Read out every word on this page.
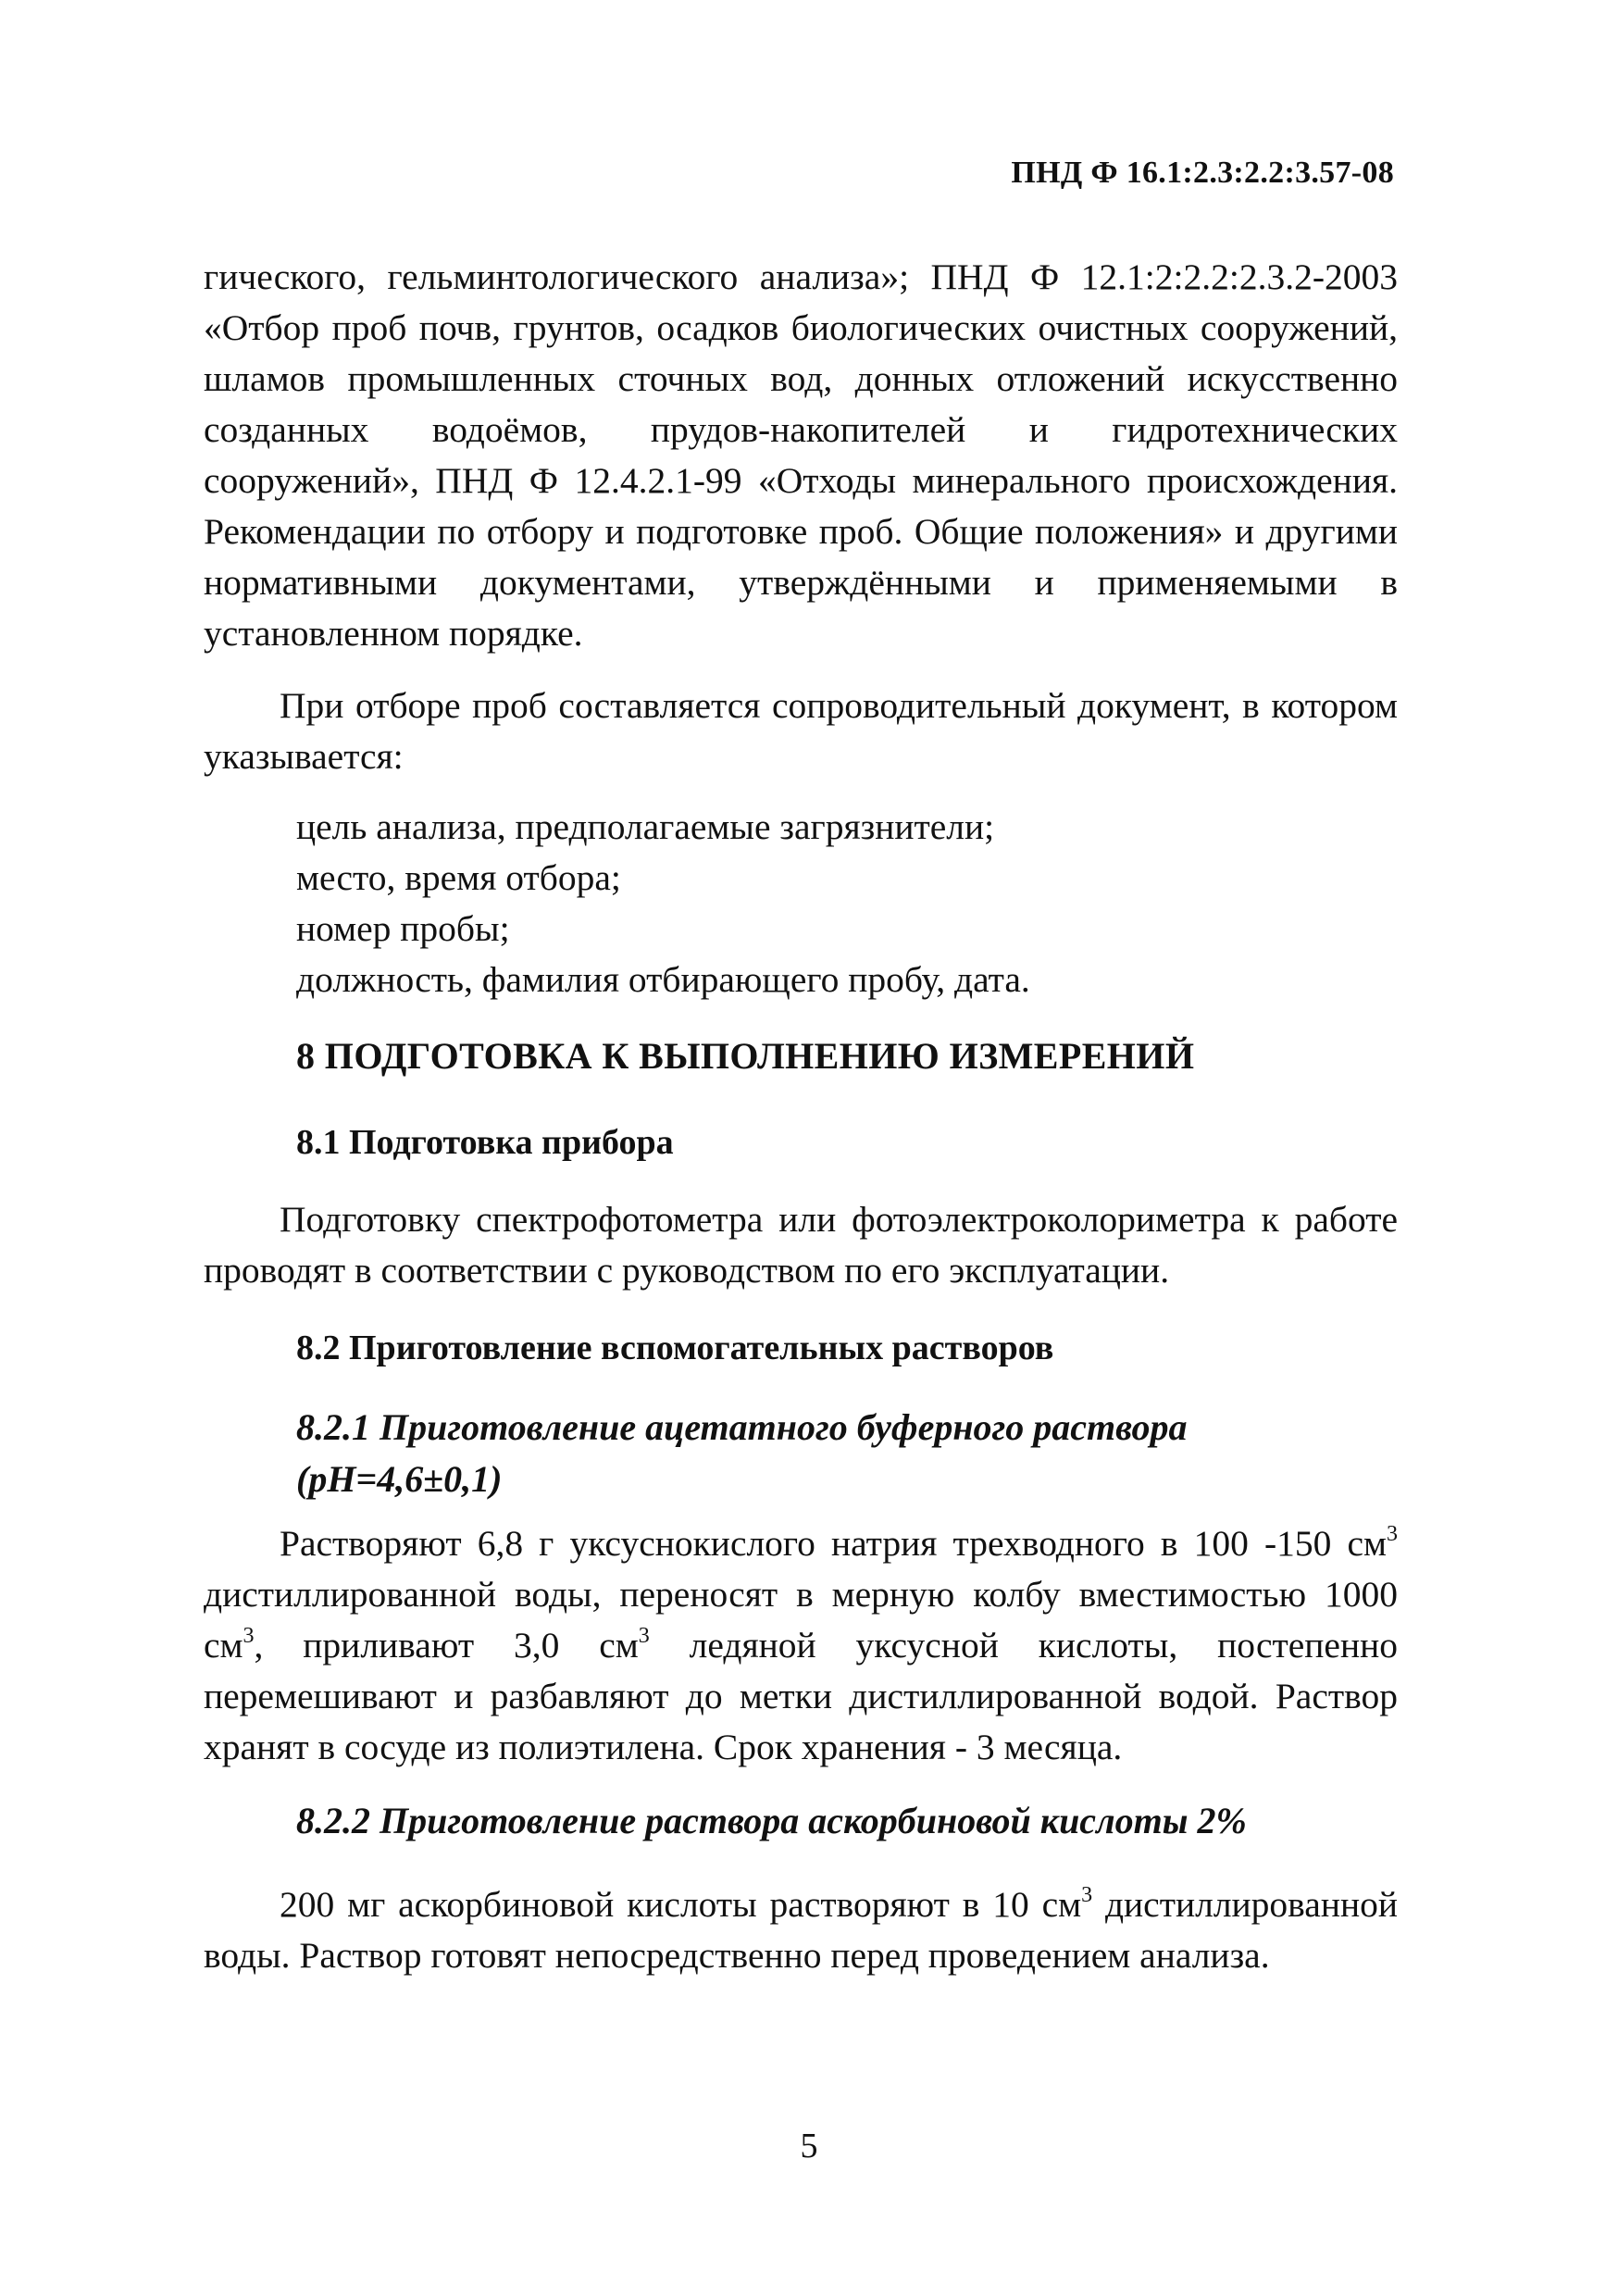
ПНД Ф 16.1:2.3:2.2:3.57-08

гического, гельминтологического анализа»; ПНД Ф 12.1:2:2.2:2.3.2-2003 «Отбор проб почв, грунтов, осадков биологических очистных сооружений, шламов промышленных сточных вод, донных отложений искусственно созданных водоёмов, прудов-накопителей и гидротехнических сооружений», ПНД Ф 12.4.2.1-99 «Отходы минерального происхождения. Рекомендации по отбору и подготовке проб. Общие положения» и другими нормативными документами, утверждёнными и применяемыми в установленном порядке.

При отборе проб составляется сопроводительный документ, в котором указывается:

цель анализа, предполагаемые загрязнители;
место, время отбора;
номер пробы;
должность, фамилия отбирающего пробу, дата.
8 ПОДГОТОВКА К ВЫПОЛНЕНИЮ ИЗМЕРЕНИЙ
8.1 Подготовка прибора

Подготовку спектрофотометра или фотоэлектроколориметра к работе проводят в соответствии с руководством по его эксплуатации.

8.2 Приготовление вспомогательных растворов
8.2.1 Приготовление ацетатного буферного раствора
(pH=4,6±0,1)

Растворяют 6,8 г уксуснокислого натрия трехводного в 100 -150 $см^3$ дистиллированной воды, переносят в мерную колбу вместимостью 1000 $см^3$, приливают 3,0 $см^3$ ледяной уксусной кислоты, постепенно перемешивают и разбавляют до метки дистиллированной водой. Раствор хранят в сосуде из полиэтилена. Срок хранения - 3 месяца.

8.2.2 Приготовление раствора аскорбиновой кислоты 2%

200 мг аскорбиновой кислоты растворяют в 10 $см^3$ дистиллированной воды. Раствор готовят непосредственно перед проведением анализа.

5
